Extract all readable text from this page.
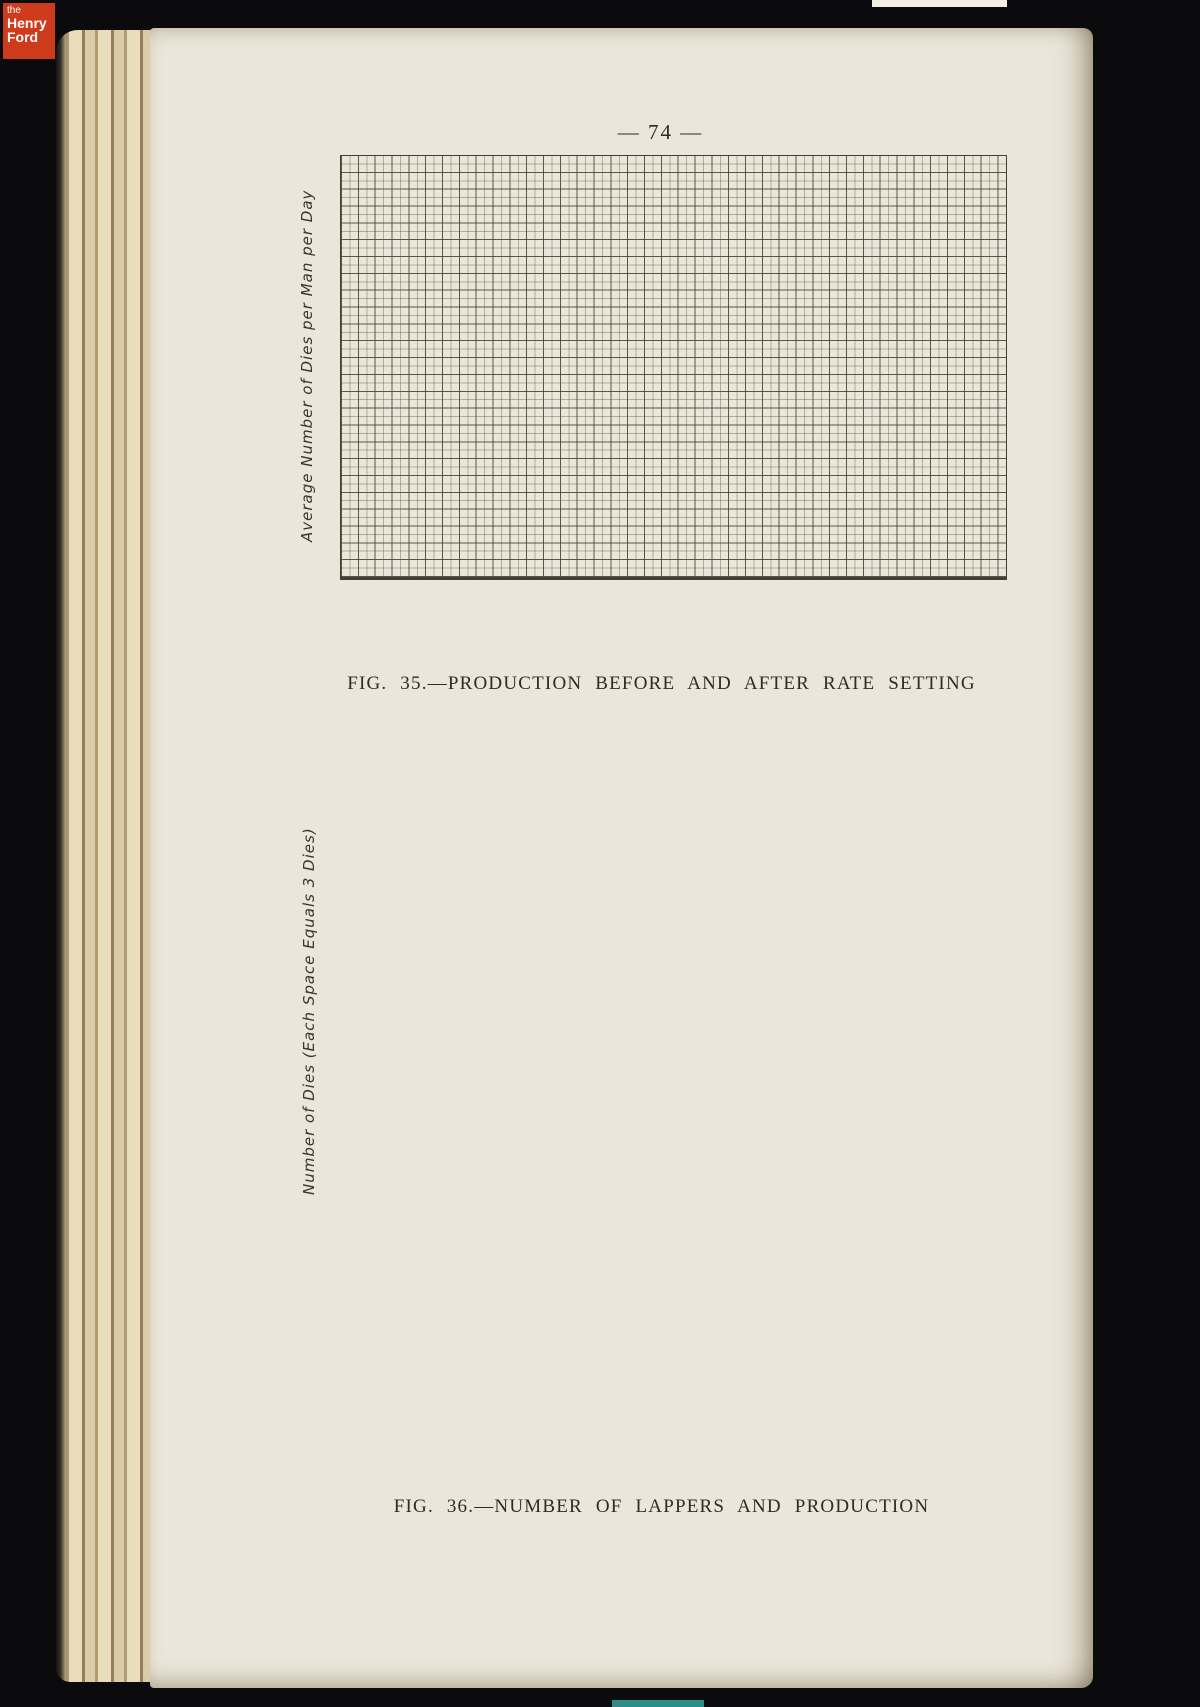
the
Henry
Ford
— 74 —
Average Number of Dies per Man per Day
FIG. 35.—PRODUCTION BEFORE AND AFTER RATE SETTING
Number of Dies (Each Space Equals 3 Dies)
FIG. 36.—NUMBER OF LAPPERS AND PRODUCTION
